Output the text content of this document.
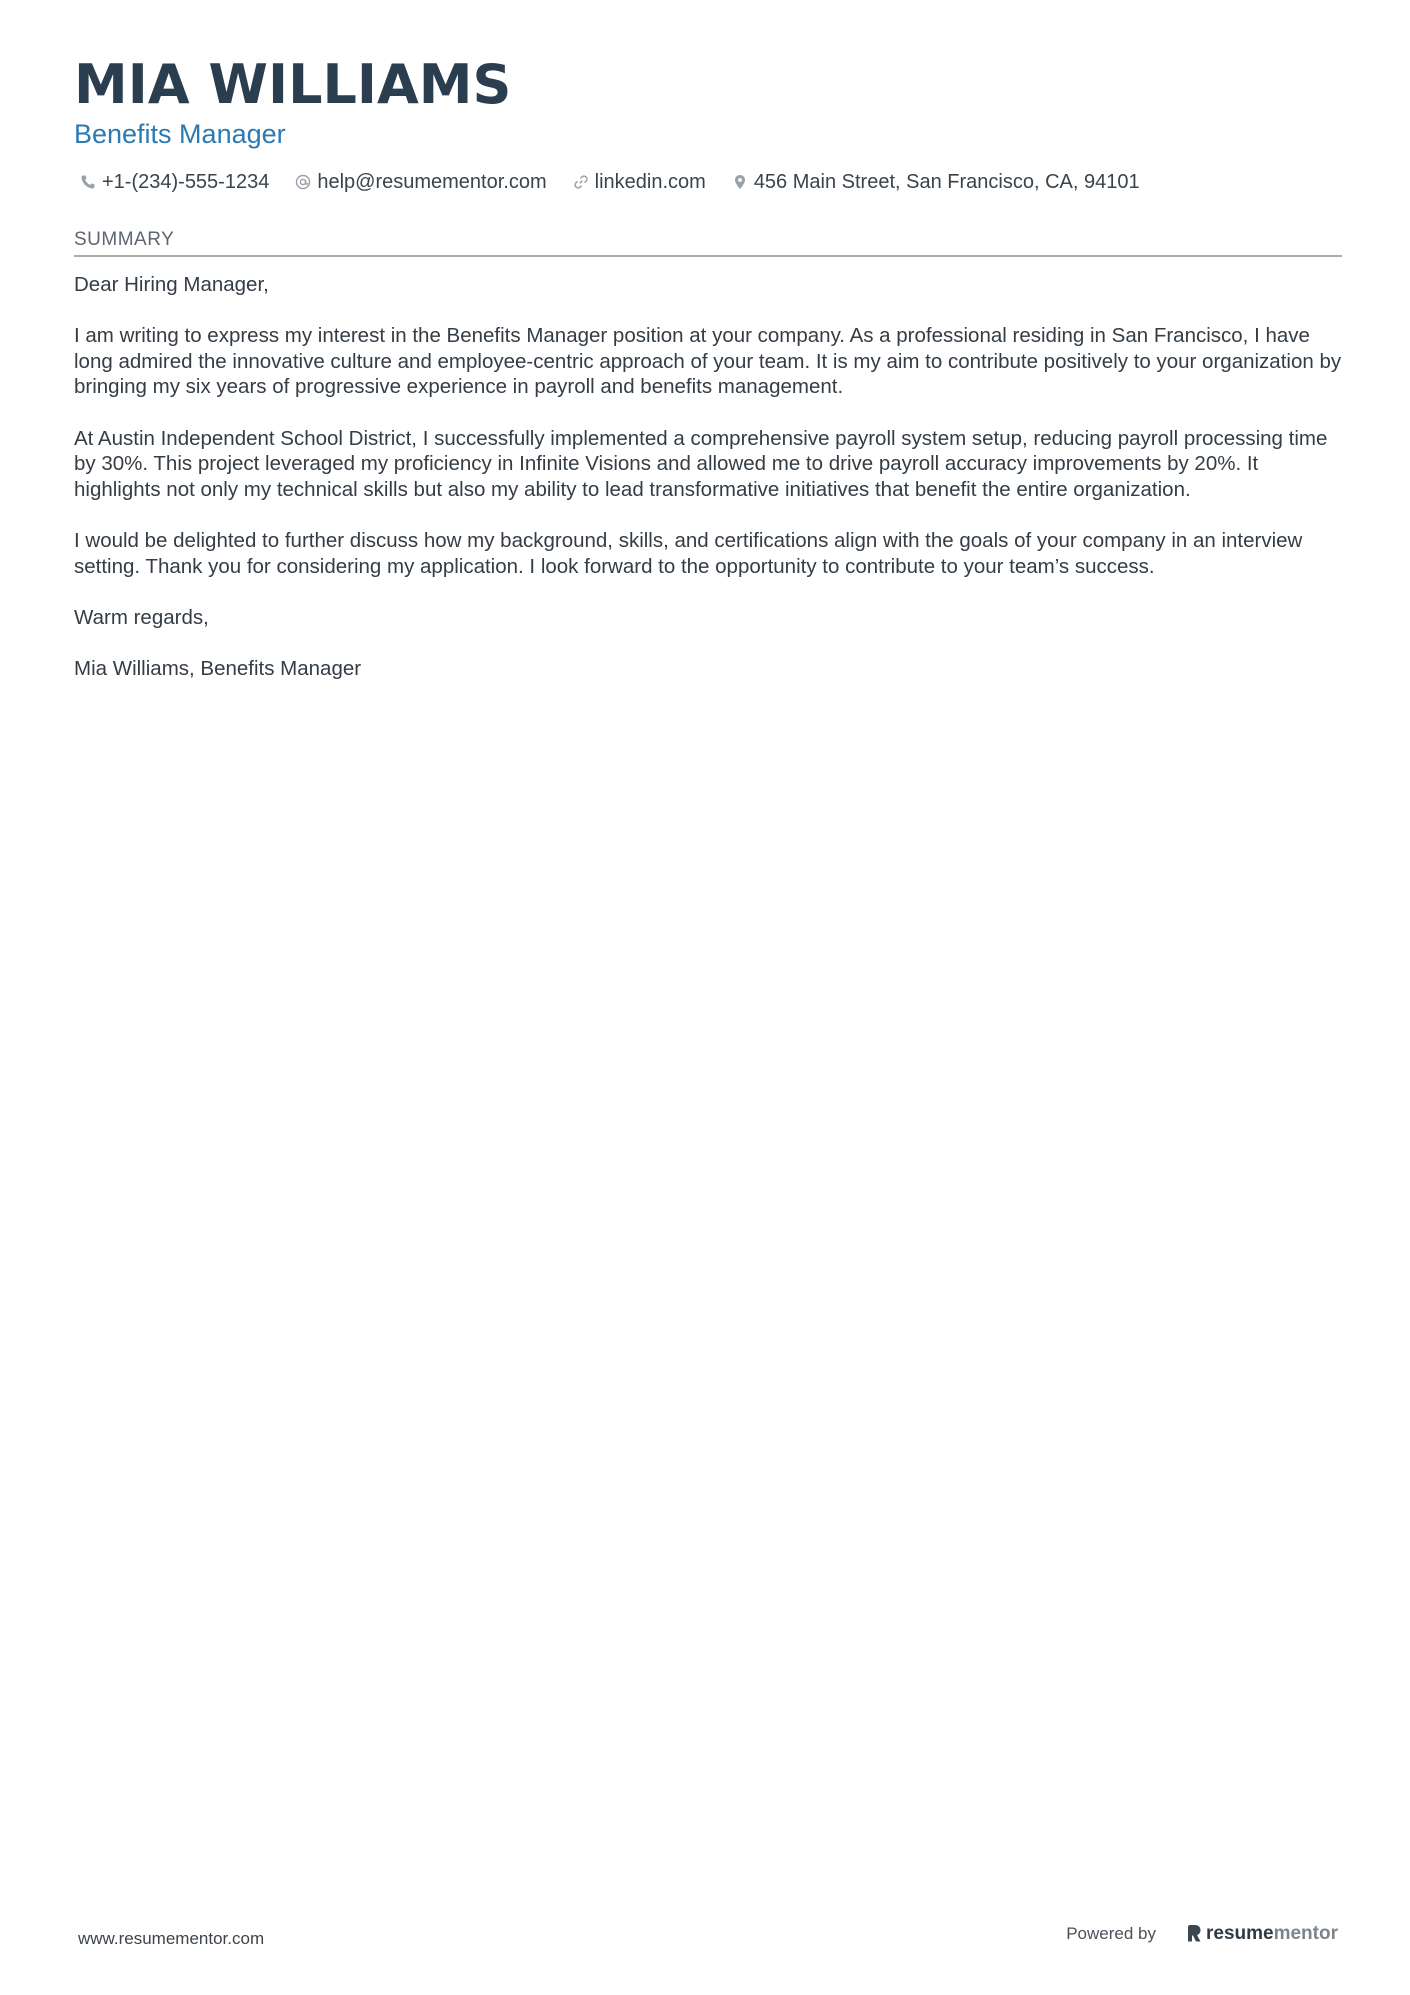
MIA WILLIAMS
Benefits Manager
+1-(234)-555-1234 help@resumementor.com linkedin.com 456 Main Street, San Francisco, CA, 94101
SUMMARY

Dear Hiring Manager,

I am writing to express my interest in the Benefits Manager position at your company. As a professional residing in San Francisco, I have long admired the innovative culture and employee-centric approach of your team. It is my aim to contribute positively to your organization by bringing my six years of progressive experience in payroll and benefits management.

At Austin Independent School District, I successfully implemented a comprehensive payroll system setup, reducing payroll processing time by 30%. This project leveraged my proficiency in Infinite Visions and allowed me to drive payroll accuracy improvements by 20%. It highlights not only my technical skills but also my ability to lead transformative initiatives that benefit the entire organization.

I would be delighted to further discuss how my background, skills, and certifications align with the goals of your company in an interview setting. Thank you for considering my application. I look forward to the opportunity to contribute to your team’s success.

Warm regards,

Mia Williams, Benefits Manager

www.resumementor.com	Powered by	resume mentor
